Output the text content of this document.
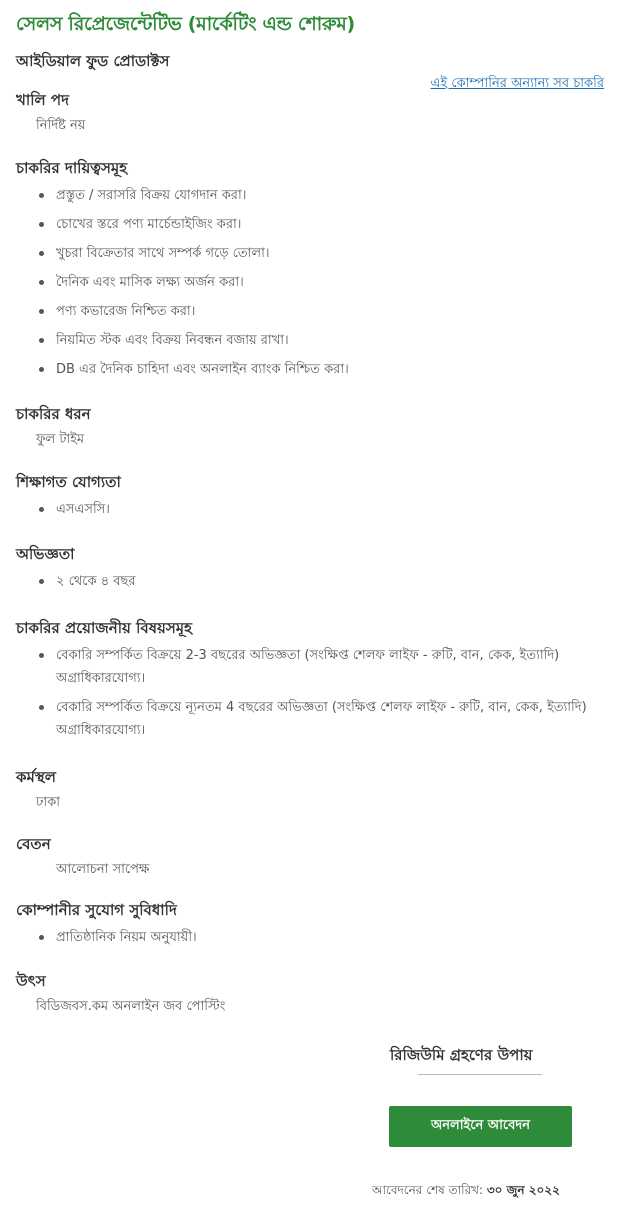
সেলস রিপ্রেজেন্টেটিভ (মার্কেটিং এন্ড শোরুম)
আইডিয়াল ফুড প্রোডাক্টস
এই কোম্পানির অন্যান্য সব চাকরি
খালি পদ
নির্দিষ্ট নয়
চাকরির দায়িত্বসমূহ
প্রস্তুত / সরাসরি বিক্রয় যোগদান করা।
চোখের স্তরে পণ্য মার্চেন্ডাইজিং করা।
খুচরা বিক্রেতার সাথে সম্পর্ক গড়ে তোলা।
দৈনিক এবং মাসিক লক্ষ্য অর্জন করা।
পণ্য কভারেজ নিশ্চিত করা।
নিয়মিত স্টক এবং বিক্রয় নিবন্ধন বজায় রাখা।
DB এর দৈনিক চাহিদা এবং অনলাইন ব্যাংক নিশ্চিত করা।
চাকরির ধরন
ফুল টাইম
শিক্ষাগত যোগ্যতা
এসএসসি।
অভিজ্ঞতা
২ থেকে ৪ বছর
চাকরির প্রয়োজনীয় বিষয়সমূহ
বেকারি সম্পর্কিত বিক্রয়ে 2-3 বছরের অভিজ্ঞতা (সংক্ষিপ্ত শেলফ লাইফ - রুটি, বান, কেক, ইত্যাদি) অগ্রাধিকারযোগ্য।
বেকারি সম্পর্কিত বিক্রয়ে ন্যূনতম 4 বছরের অভিজ্ঞতা (সংক্ষিপ্ত শেলফ লাইফ - রুটি, বান, কেক, ইত্যাদি) অগ্রাধিকারযোগ্য।
কর্মস্থল
ঢাকা
বেতন
আলোচনা সাপেক্ষ
কোম্পানীর সুযোগ সুবিধাদি
প্রাতিষ্ঠানিক নিয়ম অনুযায়ী।
উৎস
বিডিজবস.কম অনলাইন জব পোস্টিং
রিজিউমি গ্রহণের উপায়
অনলাইনে আবেদন
আবেদনের শেষ তারিখ: ৩০ জুন ২০২২
